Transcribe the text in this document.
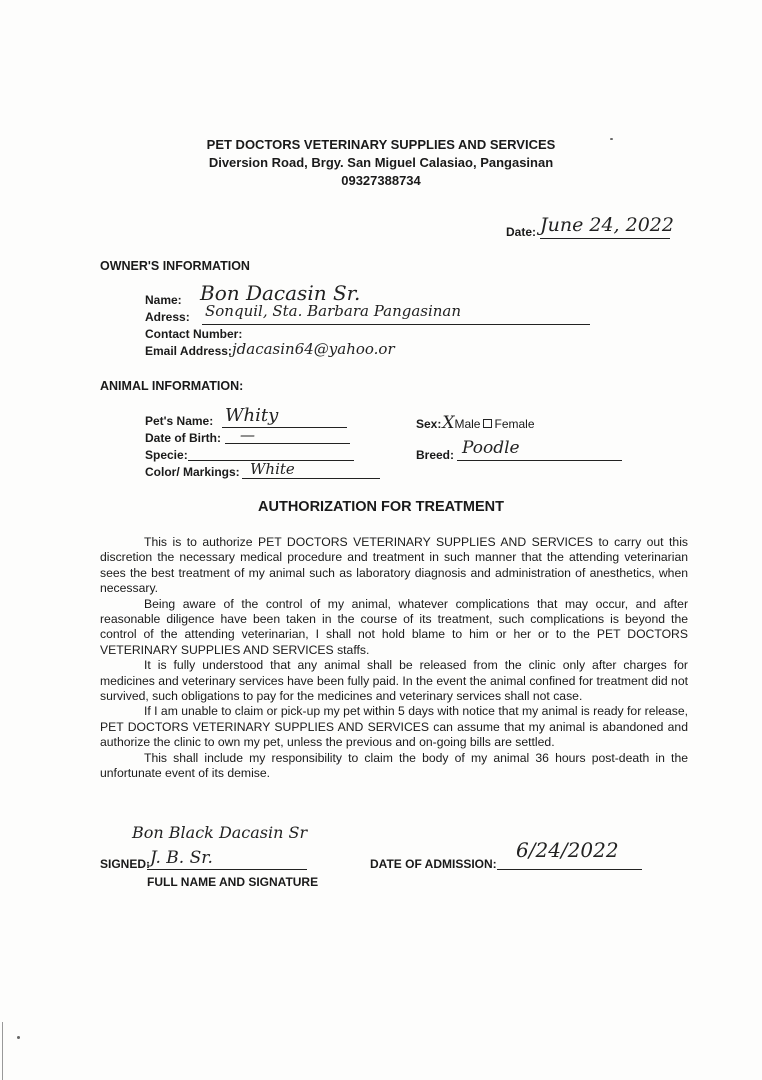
PET DOCTORS VETERINARY SUPPLIES AND SERVICES
Diversion Road, Brgy. San Miguel Calasiao, Pangasinan
09327388734
Date: June 24, 2022
OWNER'S INFORMATION
Name: Bon Dacasin Sr.
Adress: Sonquil, Sta. Barbara Pangasinan
Contact Number:
Email Address: jdacasin64@yahoo.or
ANIMAL INFORMATION:
Pet's Name: Whity
Date of Birth: —
Specie:
Color/ Markings: White
Sex:XMale Female
Breed: Poodle
AUTHORIZATION FOR TREATMENT

This is to authorize PET DOCTORS VETERINARY SUPPLIES AND SERVICES to carry out this discretion the necessary medical procedure and treatment in such manner that the attending veterinarian sees the best treatment of my animal such as laboratory diagnosis and administration of anesthetics, when necessary.

Being aware of the control of my animal, whatever complications that may occur, and after reasonable diligence have been taken in the course of its treatment, such complications is beyond the control of the attending veterinarian, I shall not hold blame to him or her or to the PET DOCTORS VETERINARY SUPPLIES AND SERVICES staffs.

It is fully understood that any animal shall be released from the clinic only after charges for medicines and veterinary services have been fully paid. In the event the animal confined for treatment did not survived, such obligations to pay for the medicines and veterinary services shall not case.

If I am unable to claim or pick-up my pet within 5 days with notice that my animal is ready for release, PET DOCTORS VETERINARY SUPPLIES AND SERVICES can assume that my animal is abandoned and authorize the clinic to own my pet, unless the previous and on-going bills are settled.

This shall include my responsibility to claim the body of my animal 36 hours post-death in the unfortunate event of its demise.

Bon Black Dacasin Sr
SIGNED: J. B. Sr.
FULL NAME AND SIGNATURE
DATE OF ADMISSION:
6/24/2022
